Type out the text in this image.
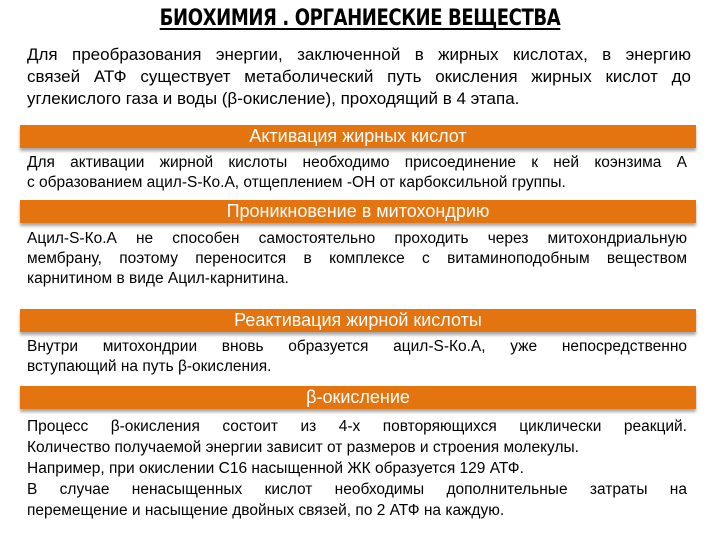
БИОХИМИЯ . ОРГАНИЕСКИЕ ВЕЩЕСТВА
Для преобразования энергии, заключенной в жирных кислотах, в энергию
связей АТФ существует метаболический путь окисления жирных кислот до
углекислого газа и воды (β-окисление), проходящий в 4 этапа.
Активация жирных кислот
Для активации жирной кислоты необходимо присоединение к ней коэнзима А
с образованием ацил-S-Ко.А, отщеплением -ОН от карбоксильной группы.
Проникновение в митохондрию
Ацил-S-Ко.А не способен самостоятельно проходить через митохондриальную
мембрану, поэтому переносится в комплексе с витаминоподобным веществом
карнитином в виде Ацил-карнитина.
Реактивация жирной кислоты
Внутри митохондрии вновь образуется ацил-S-Ко.А, уже непосредственно
вступающий на путь β-окисления.
β-окисление
Процесс β-окисления состоит из 4-х повторяющихся циклически реакций.
Количество получаемой энергии зависит от размеров и строения молекулы.
Например, при окислении С16 насыщенной ЖК образуется 129 АТФ.
В случае ненасыщенных кислот необходимы дополнительные затраты на
перемещение и насыщение двойных связей, по 2 АТФ на каждую.
